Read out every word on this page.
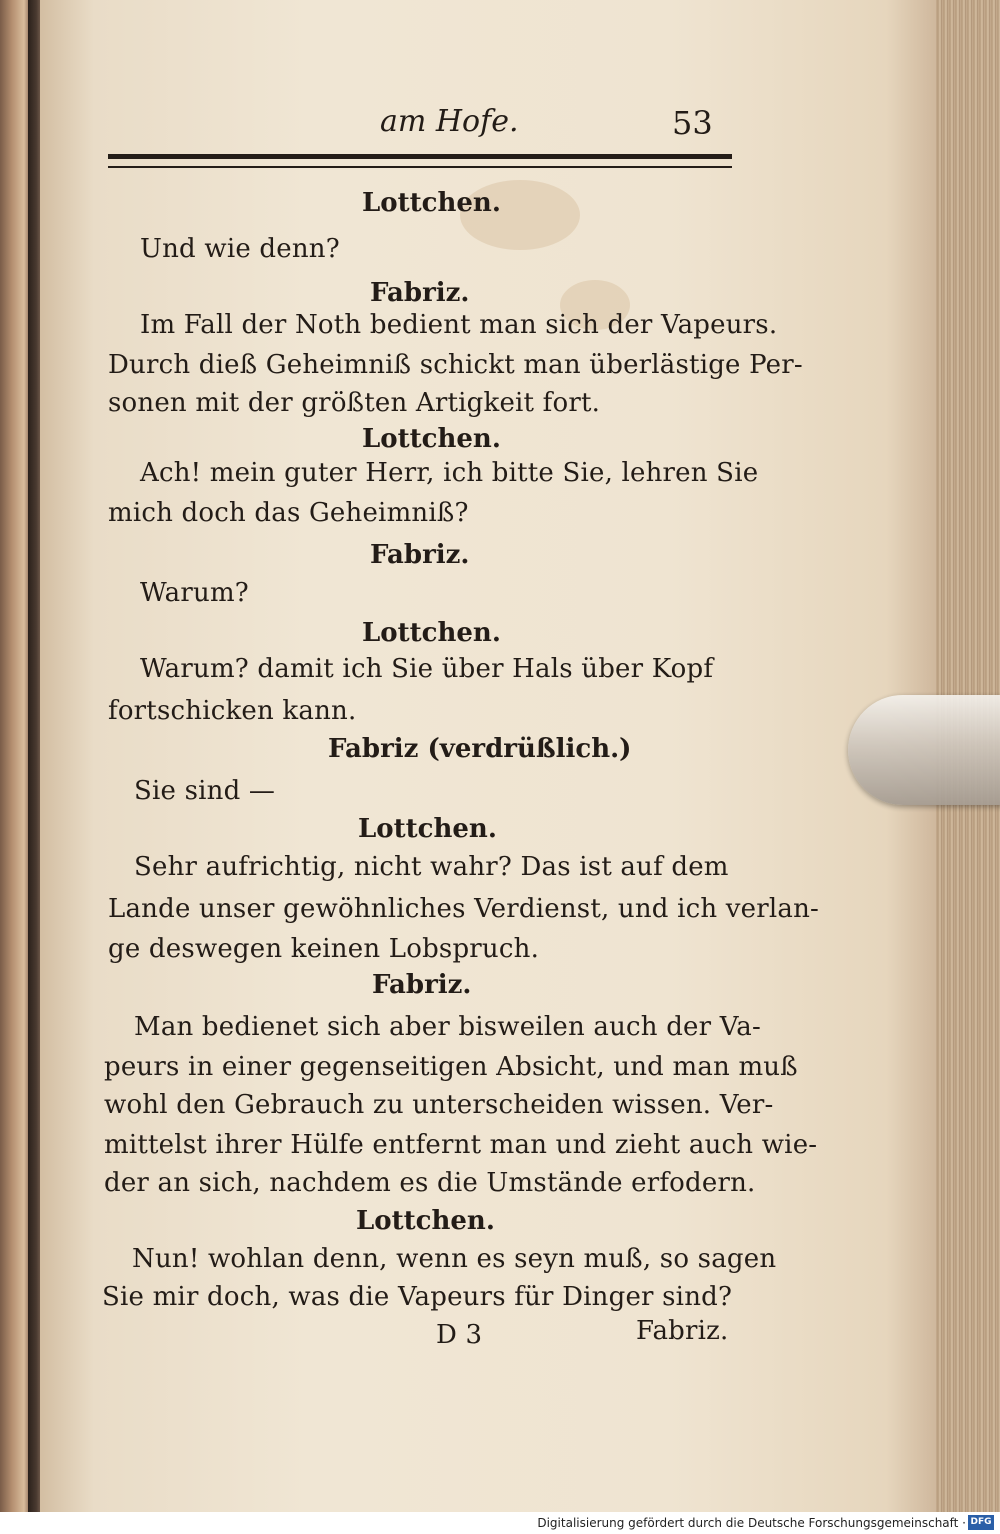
am Hofe.	53
Lottchen.
Und wie denn?
Fabriz.
Im Fall der Noth bedient man sich der Vapeurs.
Durch dieß Geheimniß schickt man überlästige Per-
sonen mit der größten Artigkeit fort.
Lottchen.
Ach! mein guter Herr, ich bitte Sie, lehren Sie
mich doch das Geheimniß?
Fabriz.
Warum?
Lottchen.
Warum? damit ich Sie über Hals über Kopf
fortschicken kann.
Fabriz (verdrüßlich.)
Sie sind —
Lottchen.
Sehr aufrichtig, nicht wahr? Das ist auf dem
Lande unser gewöhnliches Verdienst, und ich verlan-
ge deswegen keinen Lobspruch.
Fabriz.
Man bedienet sich aber bisweilen auch der Va-
peurs in einer gegenseitigen Absicht, und man muß
wohl den Gebrauch zu unterscheiden wissen. Ver-
mittelst ihrer Hülfe entfernt man und zieht auch wie-
der an sich, nachdem es die Umstände erfodern.
Lottchen.
Nun! wohlan denn, wenn es seyn muß, so sagen
Sie mir doch, was die Vapeurs für Dinger sind?
D 3	Fabriz.
Digitalisierung gefördert durch die Deutsche Forschungsgemeinschaft · DFG
